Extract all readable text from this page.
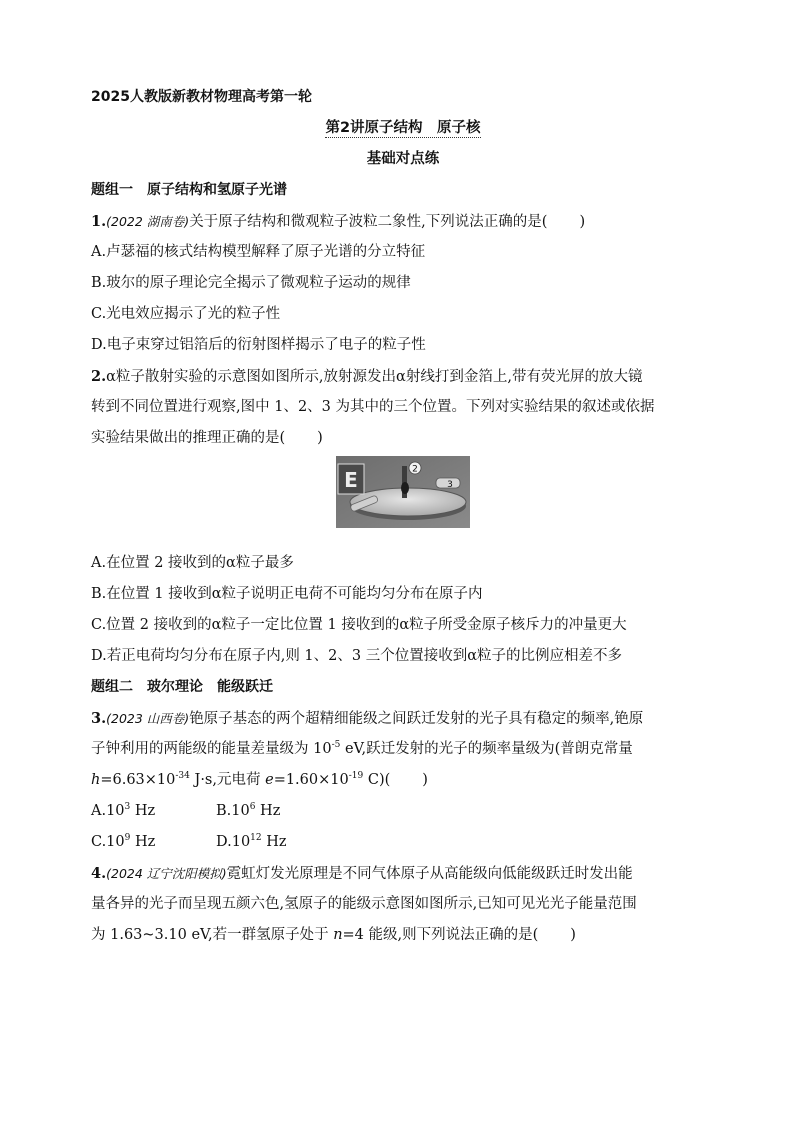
2025人教版新教材物理高考第一轮
第2讲原子结构  原子核
基础对点练
题组一  原子结构和氢原子光谱
1.(2022 湖南卷)关于原子结构和微观粒子波粒二象性,下列说法正确的是( )
A.卢瑟福的核式结构模型解释了原子光谱的分立特征
B.玻尔的原子理论完全揭示了微观粒子运动的规律
C.光电效应揭示了光的粒子性
D.电子束穿过铝箔后的衍射图样揭示了电子的粒子性
2.α粒子散射实验的示意图如图所示,放射源发出α射线打到金箔上,带有荧光屏的放大镜
转到不同位置进行观察,图中 1、2、3 为其中的三个位置。下列对实验结果的叙述或依据
实验结果做出的推理正确的是( )
E	2
3
A.在位置 2 接收到的α粒子最多
B.在位置 1 接收到α粒子说明正电荷不可能均匀分布在原子内
C.位置 2 接收到的α粒子一定比位置 1 接收到的α粒子所受金原子核斥力的冲量更大
D.若正电荷均匀分布在原子内,则 1、2、3 三个位置接收到α粒子的比例应相差不多
题组二  玻尔理论  能级跃迁
3.(2023 山西卷)铯原子基态的两个超精细能级之间跃迁发射的光子具有稳定的频率,铯原
子钟利用的两能级的能量差量级为 $10^{-5}$ eV,跃迁发射的光子的频率量级为(普朗克常量
$h=6.63\times 10^{-34}$ J·s,元电荷 $e=1.60\times 10^{-19}$ C)( )
$A.10^3$ Hz	$B.10^6$ Hz
$C.10^9$ Hz	$D.10^{12}$ Hz
4.(2024 辽宁沈阳模拟)霓虹灯发光原理是不同气体原子从高能级向低能级跃迁时发出能
量各异的光子而呈现五颜六色,氢原子的能级示意图如图所示,已知可见光光子能量范围
为 1.63~3.10 eV,若一群氢原子处于 n=4 能级,则下列说法正确的是( )
